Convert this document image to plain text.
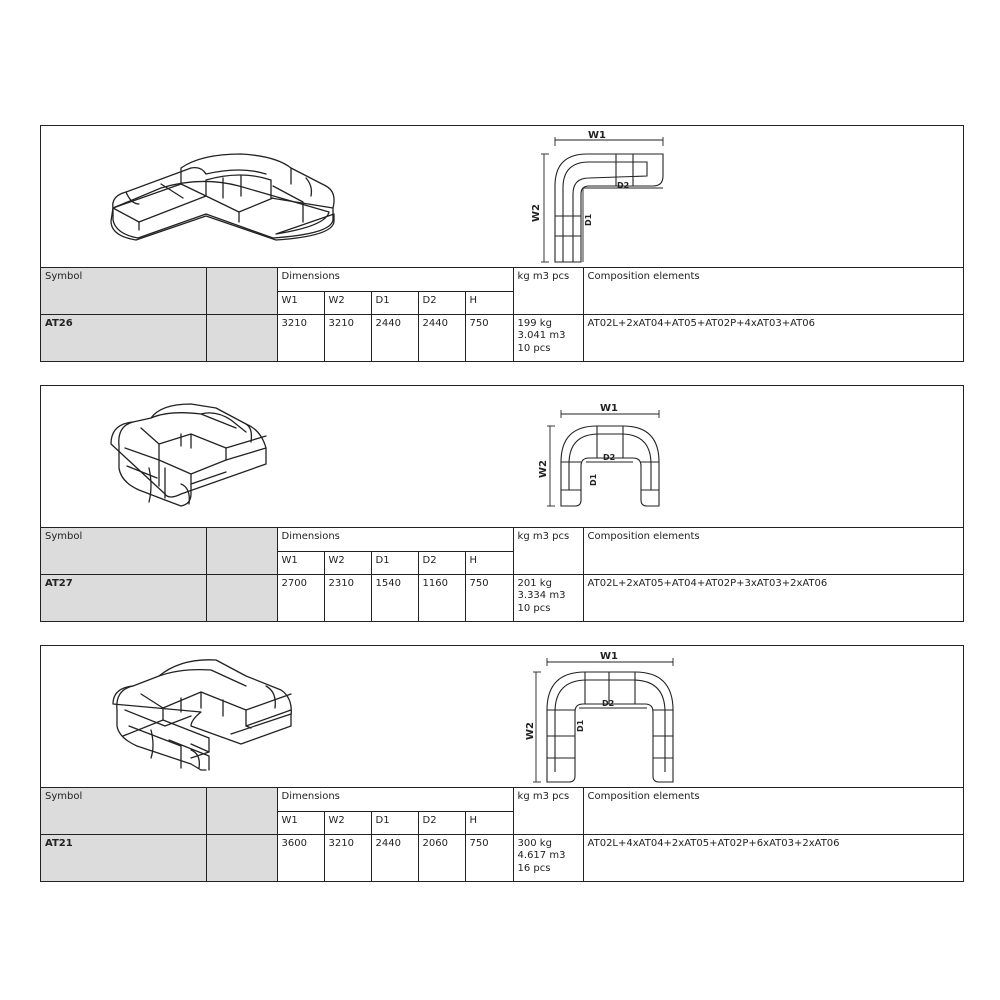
W1
W2
D2
D1
Symbol		Dimensions					kg m3 pcs	Composition elements
		W1	W2	D1	D2	H		
AT26		3210	3210	2440	2440	750	199 kg
3.041 m3
10 pcs	AT02L+2xAT04+AT05+AT02P+4xAT03+AT06
W1
W2
D2
D1
Symbol		Dimensions					kg m3 pcs	Composition elements
		W1	W2	D1	D2	H		
AT27		2700	2310	1540	1160	750	201 kg
3.334 m3
10 pcs	AT02L+2xAT05+AT04+AT02P+3xAT03+2xAT06
W1
W2
D2
D1
Symbol		Dimensions					kg m3 pcs	Composition elements
		W1	W2	D1	D2	H		
AT21		3600	3210	2440	2060	750	300 kg
4.617 m3
16 pcs	AT02L+4xAT04+2xAT05+AT02P+6xAT03+2xAT06
